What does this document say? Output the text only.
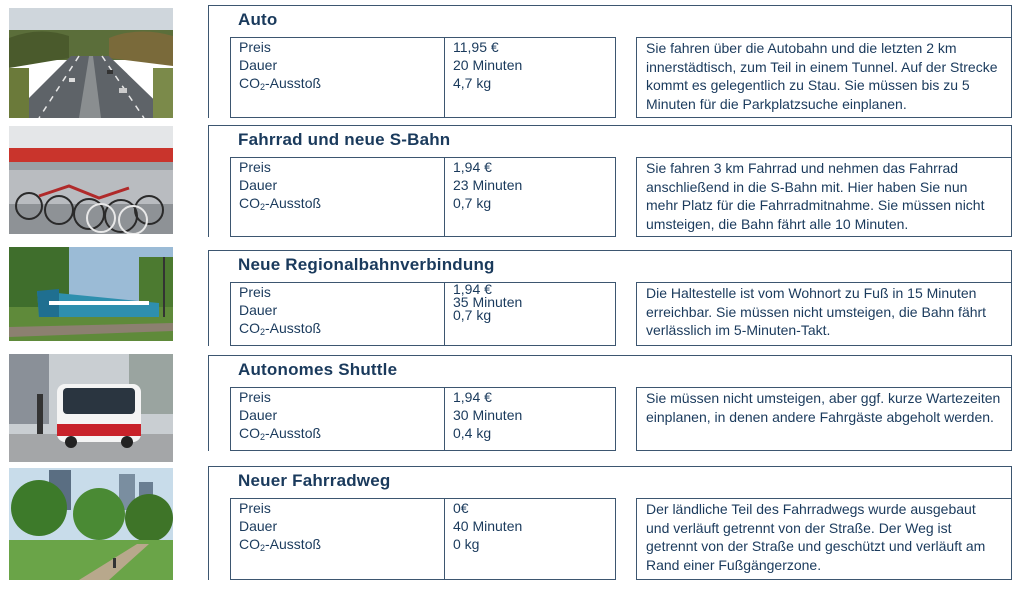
Auto
Preis
Dauer
$CO_2$-Ausstoß
11,95 €
20 Minuten
4,7 kg
Sie fahren über die Autobahn und die letzten 2 km innerstädtisch, zum Teil in einem Tunnel. Auf der Strecke kommt es gelegentlich zu Stau. Sie müssen bis zu 5 Minuten für die Parkplatzsuche einplanen.
Fahrrad und neue S-Bahn
Preis
Dauer
$CO_2$-Ausstoß
1,94 €
23 Minuten
0,7 kg
Sie fahren 3 km Fahrrad und nehmen das Fahrrad anschließend in die S-Bahn mit. Hier haben Sie nun mehr Platz für die Fahrradmitnahme. Sie müssen nicht umsteigen, die Bahn fährt alle 10 Minuten.
Neue Regionalbahnverbindung
Preis
Dauer
$CO_2$-Ausstoß
1,94 €
35 Minuten
0,7 kg
Die Haltestelle ist vom Wohnort zu Fuß in 15 Minuten erreichbar. Sie müssen nicht umsteigen, die Bahn fährt verlässlich im 5-Minuten-Takt.
Autonomes Shuttle
Preis
Dauer
$CO_2$-Ausstoß
1,94 €
30 Minuten
0,4 kg
Sie müssen nicht umsteigen, aber ggf. kurze Wartezeiten einplanen, in denen andere Fahrgäste abgeholt werden.
Neuer Fahrradweg
Preis
Dauer
$CO_2$-Ausstoß
0€
40 Minuten
0 kg
Der ländliche Teil des Fahrradwegs wurde ausgebaut und verläuft getrennt von der Straße. Der Weg ist getrennt von der Straße und geschützt und verläuft am Rand einer Fußgängerzone.
